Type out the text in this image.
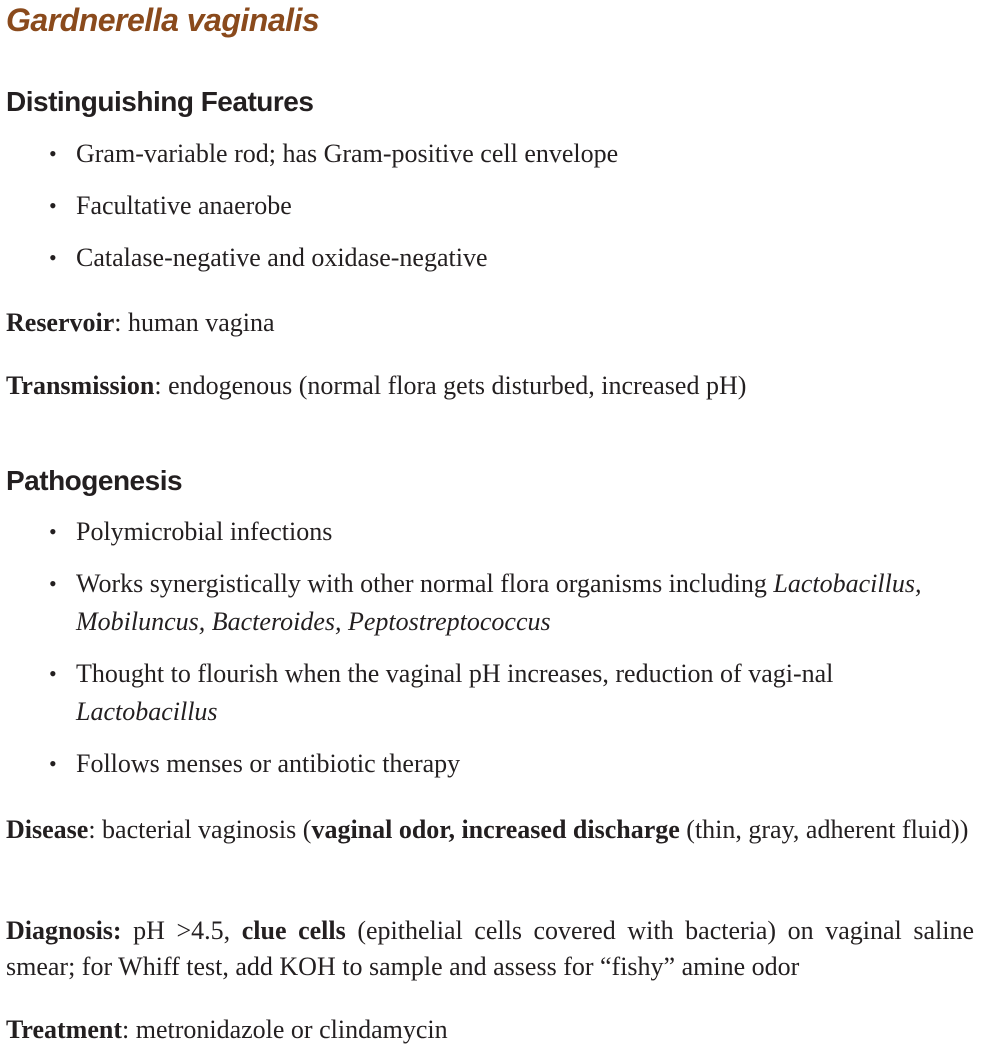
Gardnerella vaginalis
Distinguishing Features
• Gram-variable rod; has Gram-positive cell envelope
• Facultative anaerobe
• Catalase-negative and oxidase-negative

Reservoir: human vagina

Transmission: endogenous (normal flora gets disturbed, increased pH)

Pathogenesis
• Polymicrobial infections
• Works synergistically with other normal flora organisms including Lactobacillus, Mobiluncus, Bacteroides, Peptostreptococcus
• Thought to flourish when the vaginal pH increases, reduction of vagi-nal Lactobacillus
• Follows menses or antibiotic therapy

Disease: bacterial vaginosis (vaginal odor, increased discharge (thin, gray, adherent fluid))

Diagnosis: pH >4.5, clue cells (epithelial cells covered with bacteria) on vaginal saline smear; for Whiff test, add KOH to sample and assess for “fishy” amine odor

Treatment: metronidazole or clindamycin
